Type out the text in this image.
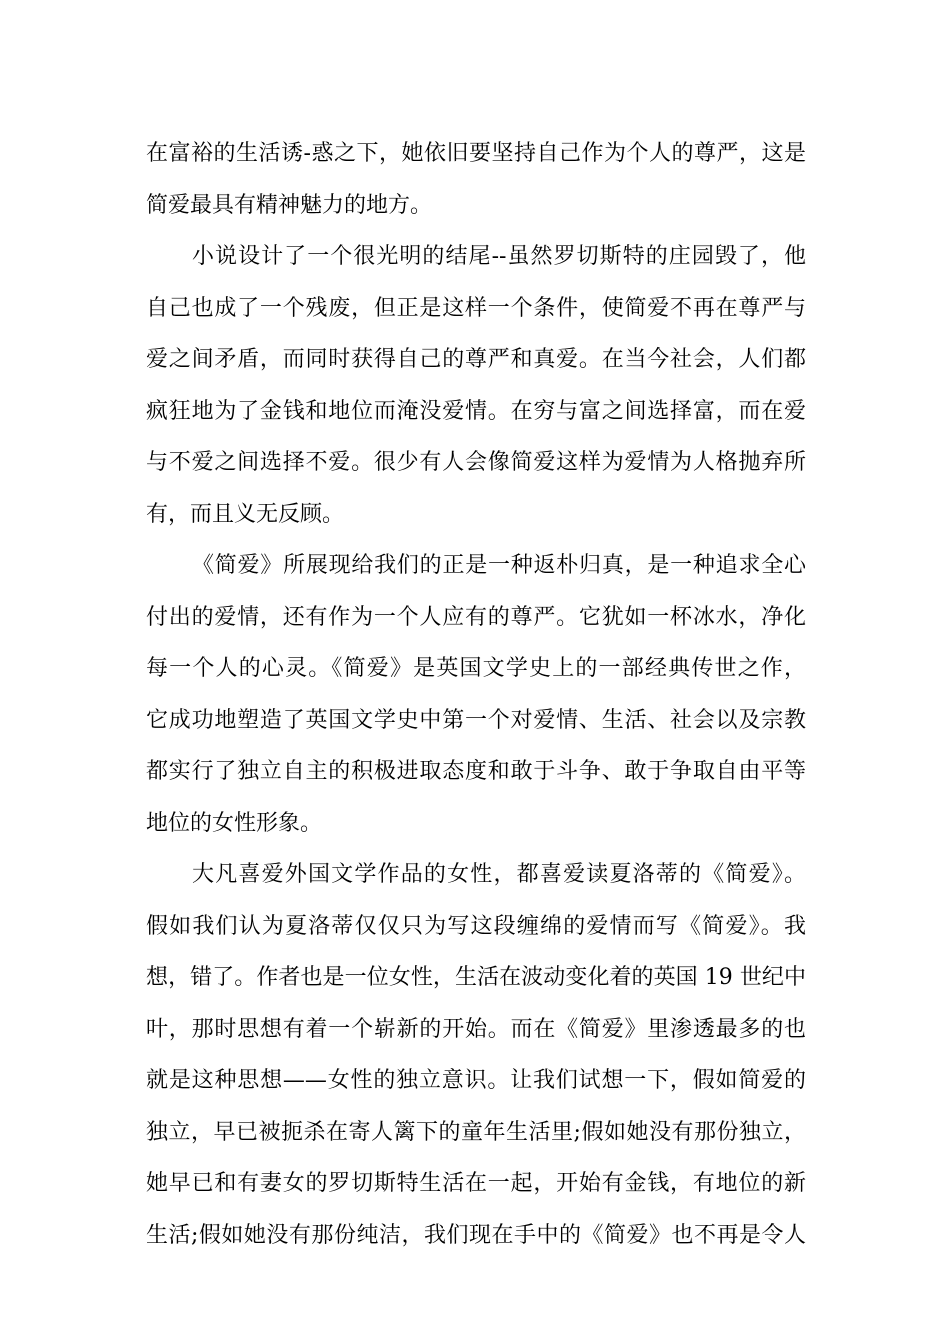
在富裕的生活诱-惑之下，她依旧要坚持自己作为个人的尊严，这是
简爱最具有精神魅力的地方。

小说设计了一个很光明的结尾--虽然罗切斯特的庄园毁了，他
自己也成了一个残废，但正是这样一个条件，使简爱不再在尊严与
爱之间矛盾，而同时获得自己的尊严和真爱。在当今社会，人们都
疯狂地为了金钱和地位而淹没爱情。在穷与富之间选择富，而在爱
与不爱之间选择不爱。很少有人会像简爱这样为爱情为人格抛弃所
有，而且义无反顾。

《简爱》所展现给我们的正是一种返朴归真，是一种追求全心
付出的爱情，还有作为一个人应有的尊严。它犹如一杯冰水，净化
每一个人的心灵。《简爱》是英国文学史上的一部经典传世之作，
它成功地塑造了英国文学史中第一个对爱情、生活、社会以及宗教
都实行了独立自主的积极进取态度和敢于斗争、敢于争取自由平等
地位的女性形象。

大凡喜爱外国文学作品的女性，都喜爱读夏洛蒂的《简爱》。
假如我们认为夏洛蒂仅仅只为写这段缠绵的爱情而写《简爱》。我
想，错了。作者也是一位女性，生活在波动变化着的英国 19 世纪中
叶，那时思想有着一个崭新的开始。而在《简爱》里渗透最多的也
就是这种思想——女性的独立意识。让我们试想一下，假如简爱的
独立，早已被扼杀在寄人篱下的童年生活里;假如她没有那份独立，
她早已和有妻女的罗切斯特生活在一起，开始有金钱，有地位的新
生活;假如她没有那份纯洁，我们现在手中的《简爱》也不再是令人
